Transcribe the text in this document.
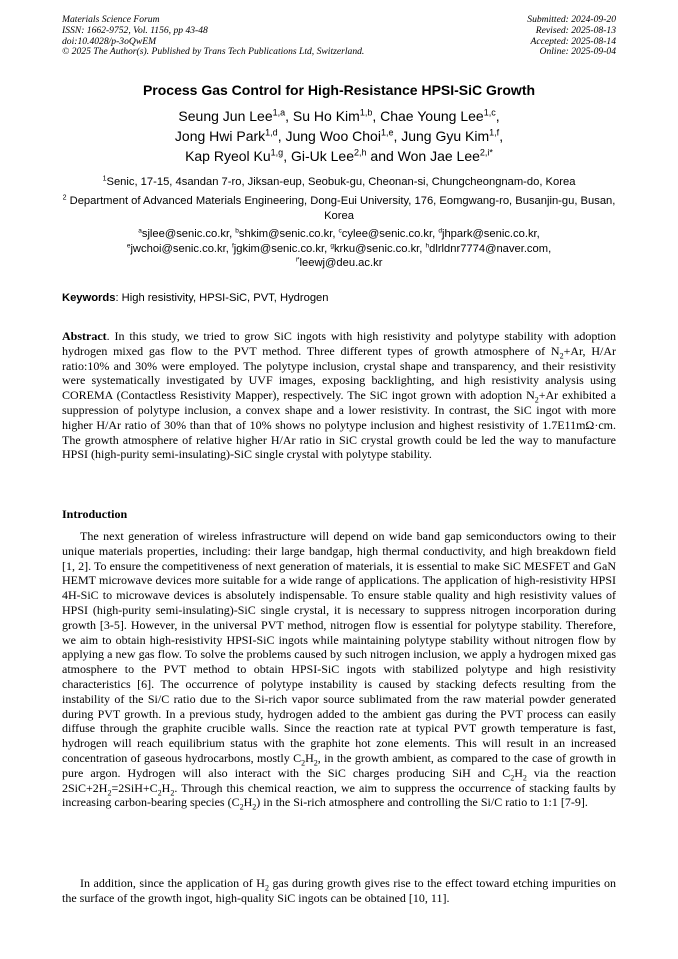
Materials Science Forum
ISSN: 1662-9752, Vol. 1156, pp 43-48
doi:10.4028/p-3oQwEM
© 2025 The Author(s). Published by Trans Tech Publications Ltd, Switzerland.
Submitted: 2024-09-20
Revised: 2025-08-13
Accepted: 2025-08-14
Online: 2025-09-04
Process Gas Control for High-Resistance HPSI-SiC Growth
Seung Jun Lee$^{1,a}$, Su Ho Kim$^{1,b}$, Chae Young Lee$^{1,c}$,
Jong Hwi Park$^{1,d}$, Jung Woo Choi$^{1,e}$, Jung Gyu Kim$^{1,f}$,
Kap Ryeol Ku$^{1,g}$, Gi-Uk Lee$^{2,h}$ and Won Jae Lee$^{2,i*}$
$^1$Senic, 17-15, 4sandan 7-ro, Jiksan-eup, Seobuk-gu, Cheonan-si, Chungcheongnam-do, Korea
$^2$ Department of Advanced Materials Engineering, Dong-Eui University, 176, Eomgwang-ro, Busanjin-gu, Busan, Korea
$^a$sjlee@senic.co.kr, $^b$shkim@senic.co.kr, $^c$cylee@senic.co.kr, $^d$jhpark@senic.co.kr,
$^e$jwchoi@senic.co.kr, $^f$jgkim@senic.co.kr, $^g$krku@senic.co.kr, $^h$dlrldnr7774@naver.com,
$^{i*}$leewj@deu.ac.kr
Keywords: High resistivity, HPSI-SiC, PVT, Hydrogen
Abstract. In this study, we tried to grow SiC ingots with high resistivity and polytype stability with adoption hydrogen mixed gas flow to the PVT method. Three different types of growth atmosphere of $N_2+Ar$, H/Ar ratio:10% and 30% were employed. The polytype inclusion, crystal shape and transparency, and their resistivity were systematically investigated by UVF images, exposing backlighting, and high resistivity analysis using COREMA (Contactless Resistivity Mapper), respectively. The SiC ingot grown with adoption $N_2+Ar$ exhibited a suppression of polytype inclusion, a convex shape and a lower resistivity. In contrast, the SiC ingot with more higher H/Ar ratio of 30% than that of 10% shows no polytype inclusion and highest resistivity of 1.7E11mΩ·cm. The growth atmosphere of relative higher H/Ar ratio in SiC crystal growth could be led the way to manufacture HPSI (high-purity semi-insulating)-SiC single crystal with polytype stability.
Introduction
The next generation of wireless infrastructure will depend on wide band gap semiconductors owing to their unique materials properties, including: their large bandgap, high thermal conductivity, and high breakdown field [1, 2]. To ensure the competitiveness of next generation of materials, it is essential to make SiC MESFET and GaN HEMT microwave devices more suitable for a wide range of applications. The application of high-resistivity HPSI 4H-SiC to microwave devices is absolutely indispensable. To ensure stable quality and high resistivity values of HPSI (high-purity semi-insulating)-SiC single crystal, it is necessary to suppress nitrogen incorporation during growth [3-5]. However, in the universal PVT method, nitrogen flow is essential for polytype stability. Therefore, we aim to obtain high-resistivity HPSI-SiC ingots while maintaining polytype stability without nitrogen flow by applying a new gas flow. To solve the problems caused by such nitrogen inclusion, we apply a hydrogen mixed gas atmosphere to the PVT method to obtain HPSI-SiC ingots with stabilized polytype and high resistivity characteristics [6]. The occurrence of polytype instability is caused by stacking defects resulting from the instability of the Si/C ratio due to the Si-rich vapor source sublimated from the raw material powder generated during PVT growth. In a previous study, hydrogen added to the ambient gas during the PVT process can easily diffuse through the graphite crucible walls. Since the reaction rate at typical PVT growth temperature is fast, hydrogen will reach equilibrium status with the graphite hot zone elements. This will result in an increased concentration of gaseous hydrocarbons, mostly $C_2H_2$, in the growth ambient, as compared to the case of growth in pure argon. Hydrogen will also interact with the SiC charges producing SiH and $C_2H_2$ via the reaction $2SiC+2H_2=2SiH+C_2H_2$. Through this chemical reaction, we aim to suppress the occurrence of stacking faults by increasing carbon-bearing species $(C_2H_2)$ in the Si-rich atmosphere and controlling the Si/C ratio to 1:1 [7-9].
In addition, since the application of $H_2$ gas during growth gives rise to the effect toward etching impurities on the surface of the growth ingot, high-quality SiC ingots can be obtained [10, 11].
